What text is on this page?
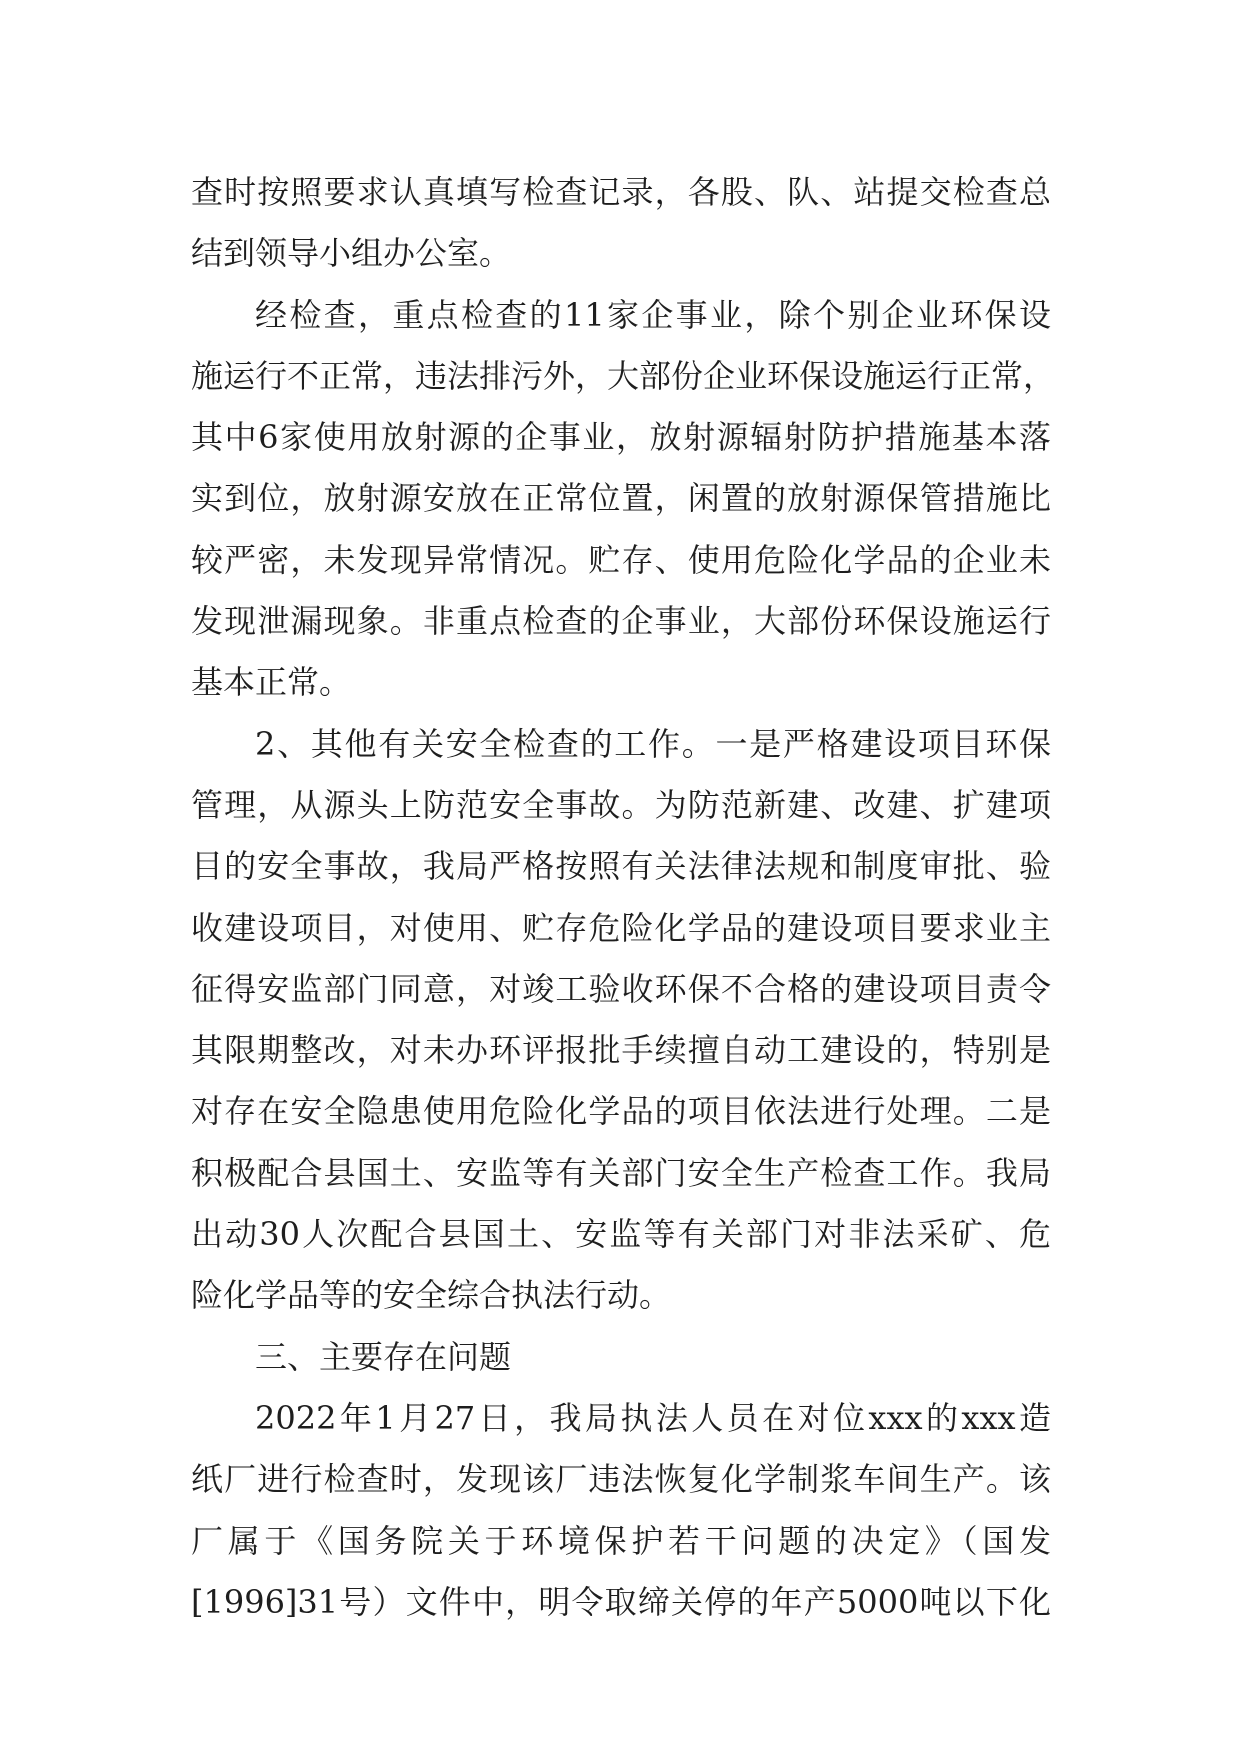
查时按照要求认真填写检查记录，各股、队、站提交检查总
结到领导小组办公室。
经检查，重点检查的11家企事业，除个别企业环保设
施运行不正常，违法排污外，大部份企业环保设施运行正常，
其中6家使用放射源的企事业，放射源辐射防护措施基本落
实到位，放射源安放在正常位置，闲置的放射源保管措施比
较严密，未发现异常情况。贮存、使用危险化学品的企业未
发现泄漏现象。非重点检查的企事业，大部份环保设施运行
基本正常。
2、其他有关安全检查的工作。一是严格建设项目环保
管理，从源头上防范安全事故。为防范新建、改建、扩建项
目的安全事故，我局严格按照有关法律法规和制度审批、验
收建设项目，对使用、贮存危险化学品的建设项目要求业主
征得安监部门同意，对竣工验收环保不合格的建设项目责令
其限期整改，对未办环评报批手续擅自动工建设的，特别是
对存在安全隐患使用危险化学品的项目依法进行处理。二是
积极配合县国土、安监等有关部门安全生产检查工作。我局
出动30人次配合县国土、安监等有关部门对非法采矿、危
险化学品等的安全综合执法行动。
三、主要存在问题
2022年1月27日，我局执法人员在对位xxx的xxx造
纸厂进行检查时，发现该厂违法恢复化学制浆车间生产。该
厂属于《国务院关于环境保护若干问题的决定》（国发
[1996]31号）文件中，明令取缔关停的年产5000吨以下化
